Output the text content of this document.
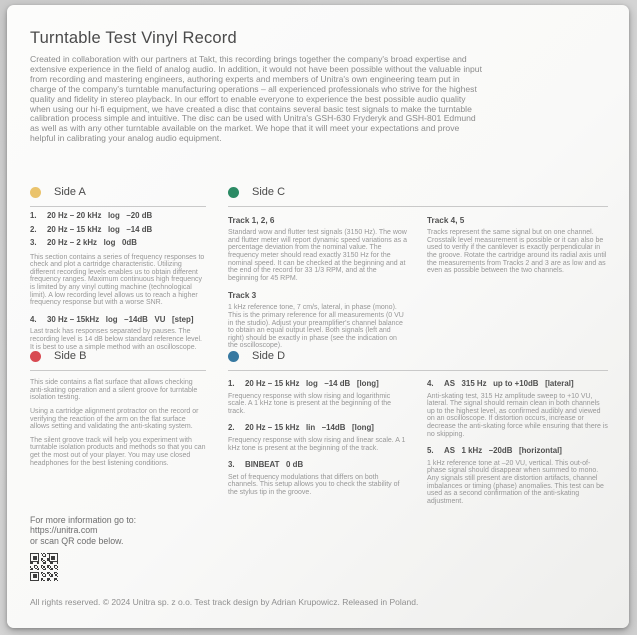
Turntable Test Vinyl Record

Created in collaboration with our partners at Takt, this recording brings together the company's broad expertise and extensive experience in the field of analog audio. In addition, it would not have been possible without the valuable input from recording and mastering engineers, authoring experts and members of Unitra's own engineering team put in charge of the company's turntable manufacturing operations – all experienced professionals who strive for the highest quality and fidelity in stereo playback. In our effort to enable everyone to experience the best possible audio quality when using our hi-fi equipment, we have created a disc that contains several basic test signals to make the turntable calibration process simple and intuitive. The disc can be used with Unitra's GSH-630 Fryderyk and GSH-801 Edmund as well as with any other turntable available on the market. We hope that it will meet your expectations and prove helpful in calibrating your analog audio equipment.

Side A
1.	20 Hz – 20 kHz   log   –20 dB
2.	20 Hz – 15 kHz   log   –14 dB
3.	20 Hz – 2 kHz   log   0dB

This section contains a series of frequency responses to check and plot a cartridge characteristic. Utilizing different recording levels enables us to obtain different frequency ranges. Maximum continuous high frequency is limited by any vinyl cutting machine (technological limit). A low recording level allows us to reach a higher frequency response but with a worse SNR.

4.	30 Hz – 15kHz   log   –14dB   VU   [step]

Last track has responses separated by pauses. The recording level is 14 dB below standard reference level. It is best to use a simple method with an oscilloscope.

Side C
Track 1, 2, 6

Standard wow and flutter test signals (3150 Hz). The wow and flutter meter will report dynamic speed variations as a percentage deviation from the nominal value. The frequency meter should read exactly 3150 Hz for the nominal speed. It can be checked at the beginning and at the end of the record for 33 1/3 RPM, and at the beginning for 45 RPM.

Track 3

1 kHz reference tone, 7 cm/s, lateral, in phase (mono). This is the primary reference for all measurements (0 VU in the studio). Adjust your preamplifier's channel balance to obtain an equal output level. Both signals (left and right) should be exactly in phase (see the indication on the oscilloscope).

Track 4, 5

Tracks represent the same signal but on one channel. Crosstalk level measurement is possible or it can also be used to verify if the cantilever is exactly perpendicular in the groove. Rotate the cartridge around its radial axis until the measurements from Tracks 2 and 3 are as low and as even as possible between the two channels.

Side B

This side contains a flat surface that allows checking anti-skating operation and a silent groove for turntable isolation testing.

Using a cartridge alignment protractor on the record or verifying the reaction of the arm on the flat surface allows setting and validating the anti-skating system.

The silent groove track will help you experiment with turntable isolation products and methods so that you can get the most out of your player. You may use closed headphones for the best listening conditions.

Side D
1.	20 Hz – 15 kHz   log   –14 dB   [long]

Frequency response with slow rising and logarithmic scale. A 1 kHz tone is present at the beginning of the track.

2.	20 Hz – 15 kHz   lin   –14dB   [long]

Frequency response with slow rising and linear scale. A 1 kHz tone is present at the beginning of the track.

3.	BINBEAT   0 dB

Set of frequency modulations that differs on both channels. This setup allows you to check the stability of the stylus tip in the groove.

4.	AS   315 Hz   up to +10dB   [lateral]

Anti-skating test, 315 Hz amplitude sweep to +10 VU, lateral. The signal should remain clean in both channels up to the highest level, as confirmed audibly and viewed on an oscilloscope. If distortion occurs, increase or decrease the anti-skating force while ensuring that there is no skipping.

5.	AS   1 kHz   –20dB   [horizontal]

1 kHz reference tone at –20 VU, vertical. This out-of-phase signal should disappear when summed to mono. Any signals still present are distortion artifacts, channel imbalances or timing (phase) anomalies. This test can be used as a second confirmation of the anti-skating adjustment.

For more information go to:
https://unitra.com
or scan QR code below.
All rights reserved. © 2024 Unitra sp. z o.o. Test track design by Adrian Krupowicz. Released in Poland.
